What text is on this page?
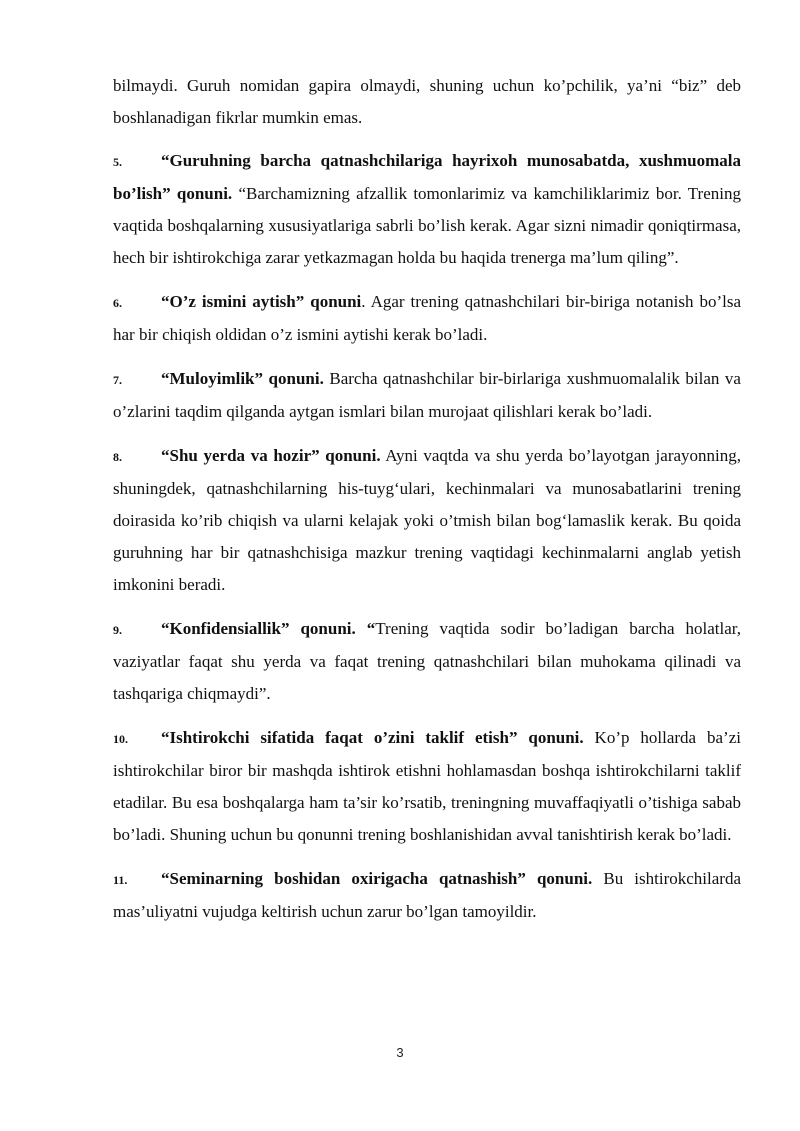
bilmaydi. Guruh nomidan gapira olmaydi, shuning uchun ko’pchilik, ya’ni “biz” deb boshlanadigan fikrlar mumkin emas.

5. “Guruhning barcha qatnashchilariga hayrixoh munosabatda, xushmuomala bo’lish” qonuni. “Barchamizning afzallik tomonlarimiz va kamchiliklarimiz bor. Trening vaqtida boshqalarning xususiyatlariga sabrli bo’lish kerak. Agar sizni nimadir qoniqtirmasa, hech bir ishtirokchiga zarar yetkazmagan holda bu haqida trenerga ma’lum qiling”.

6. “O’z ismini aytish” qonuni. Agar trening qatnashchilari bir-biriga notanish bo’lsa har bir chiqish oldidan o’z ismini aytishi kerak bo’ladi.

7. “Muloyimlik” qonuni. Barcha qatnashchilar bir-birlariga xushmuomalalik bilan va o’zlarini taqdim qilganda aytgan ismlari bilan murojaat qilishlari kerak bo’ladi.

8. “Shu yerda va hozir” qonuni. Ayni vaqtda va shu yerda bo’layotgan jarayonning, shuningdek, qatnashchilarning his-tuyg‘ulari, kechinmalari va munosabatlarini trening doirasida ko’rib chiqish va ularni kelajak yoki o’tmish bilan bog‘lamaslik kerak. Bu qoida guruhning har bir qatnashchisiga mazkur trening vaqtidagi kechinmalarni anglab yetish imkonini beradi.

9. “Konfidensiallik” qonuni. “Trening vaqtida sodir bo’ladigan barcha holatlar, vaziyatlar faqat shu yerda va faqat trening qatnashchilari bilan muhokama qilinadi va tashqariga chiqmaydi”.

10. “Ishtirokchi sifatida faqat o’zini taklif etish” qonuni. Ko’p hollarda ba’zi ishtirokchilar biror bir mashqda ishtirok etishni hohlamasdan boshqa ishtirokchilarni taklif etadilar. Bu esa boshqalarga ham ta’sir ko’rsatib, treningning muvaffaqiyatli o’tishiga sabab bo’ladi. Shuning uchun bu qonunni trening boshlanishidan avval tanishtirish kerak bo’ladi.

11. “Seminarning boshidan oxirigacha qatnashish” qonuni. Bu ishtirokchilarda mas’uliyatni vujudga keltirish uchun zarur bo’lgan tamoyildir.

3
